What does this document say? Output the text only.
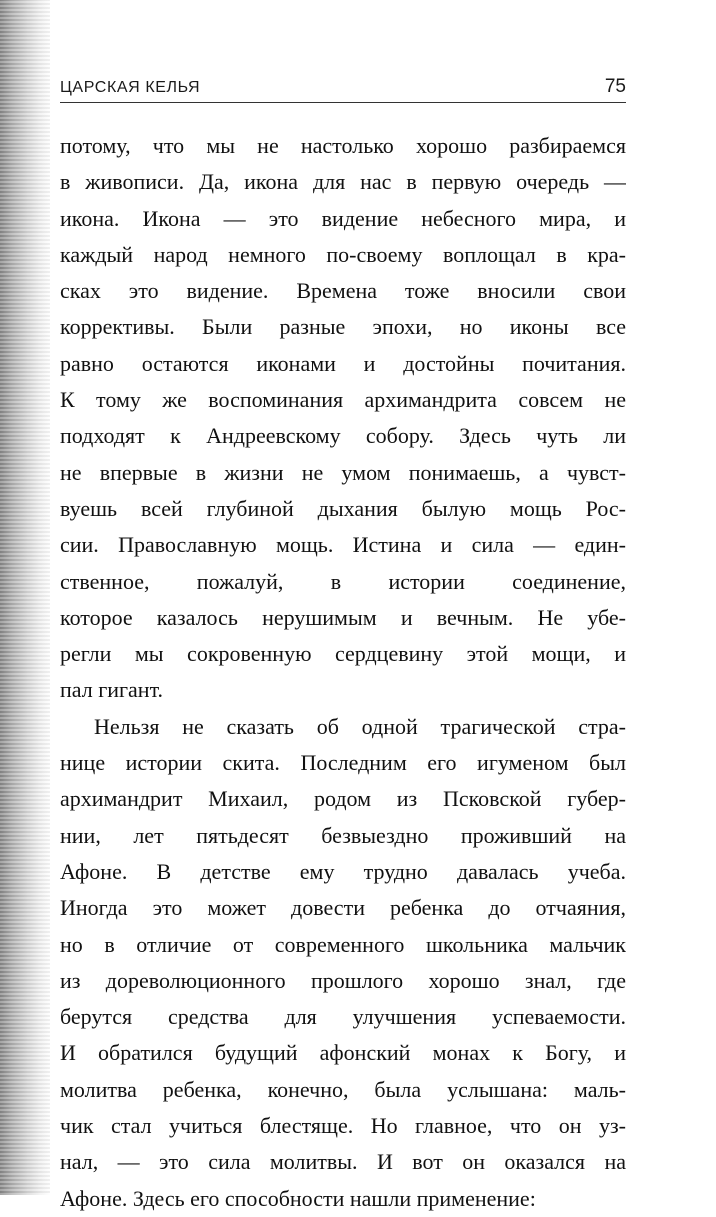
ЦАРСКАЯ КЕЛЬЯ	75
потому, что мы не настолько хорошо разбираемся
в живописи. Да, икона для нас в первую очередь —
икона. Икона — это видение небесного мира, и
каждый народ немного по-своему воплощал в кра-
сках это видение. Времена тоже вносили свои
коррективы. Были разные эпохи, но иконы все
равно остаются иконами и достойны почитания.
К тому же воспоминания архимандрита совсем не
подходят к Андреевскому собору. Здесь чуть ли
не впервые в жизни не умом понимаешь, а чувст-
вуешь всей глубиной дыхания былую мощь Рос-
сии. Православную мощь. Истина и сила — един-
ственное, пожалуй, в истории соединение,
которое казалось нерушимым и вечным. Не убе-
регли мы сокровенную сердцевину этой мощи, и
пал гигант.
Нельзя не сказать об одной трагической стра-
нице истории скита. Последним его игуменом был
архимандрит Михаил, родом из Псковской губер-
нии, лет пятьдесят безвыездно проживший на
Афоне. В детстве ему трудно давалась учеба.
Иногда это может довести ребенка до отчаяния,
но в отличие от современного школьника мальчик
из дореволюционного прошлого хорошо знал, где
берутся средства для улучшения успеваемости.
И обратился будущий афонский монах к Богу, и
молитва ребенка, конечно, была услышана: маль-
чик стал учиться блестяще. Но главное, что он уз-
нал, — это сила молитвы. И вот он оказался на
Афоне. Здесь его способности нашли применение:
